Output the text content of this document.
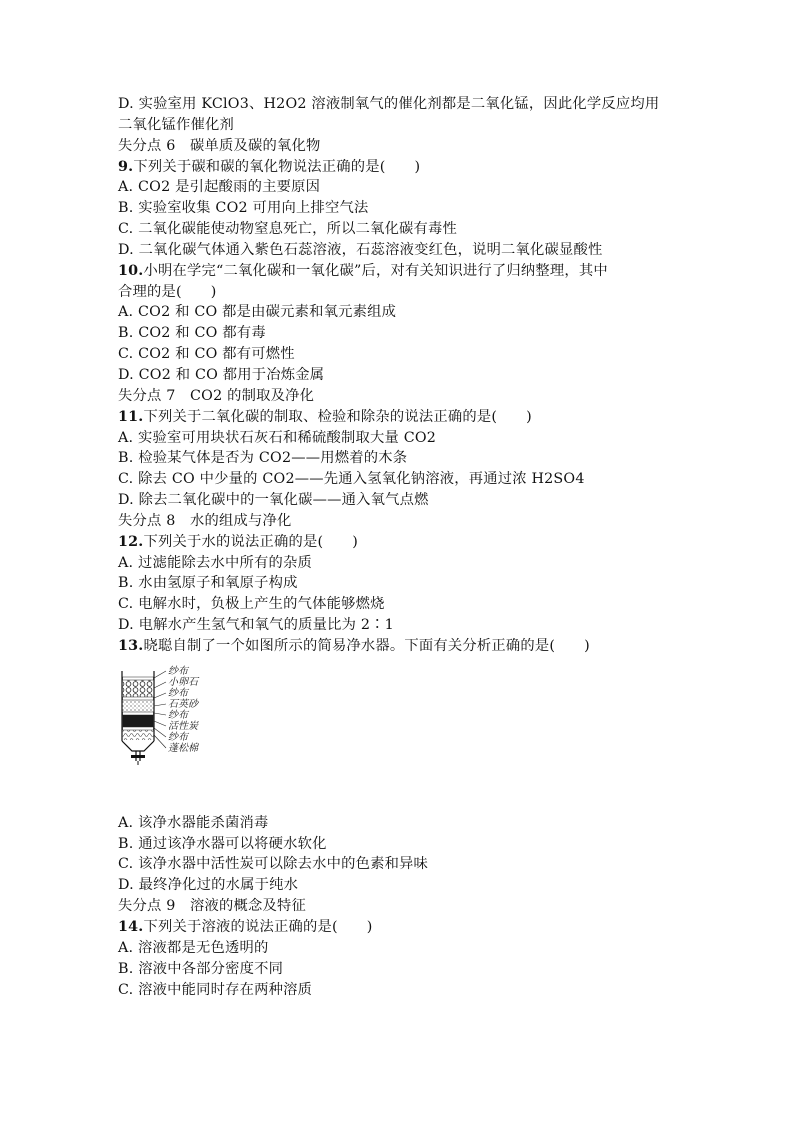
D. 实验室用 KClO3、H2O2 溶液制氧气的催化剂都是二氧化锰，因此化学反应均用
二氧化锰作催化剂
失分点 6　碳单质及碳的氧化物
9.下列关于碳和碳的氧化物说法正确的是(　　)
A. CO2 是引起酸雨的主要原因
B. 实验室收集 CO2 可用向上排空气法
C. 二氧化碳能使动物窒息死亡，所以二氧化碳有毒性
D. 二氧化碳气体通入紫色石蕊溶液，石蕊溶液变红色，说明二氧化碳显酸性
10.小明在学完“二氧化碳和一氧化碳”后，对有关知识进行了归纳整理，其中
合理的是(　　)
A. CO2 和 CO 都是由碳元素和氧元素组成
B. CO2 和 CO 都有毒
C. CO2 和 CO 都有可燃性
D. CO2 和 CO 都用于冶炼金属
失分点 7　CO2 的制取及净化
11.下列关于二氧化碳的制取、检验和除杂的说法正确的是(　　)
A. 实验室可用块状石灰石和稀硫酸制取大量 CO2
B. 检验某气体是否为 CO2——用燃着的木条
C. 除去 CO 中少量的 CO2——先通入氢氧化钠溶液，再通过浓 H2SO4
D. 除去二氧化碳中的一氧化碳——通入氧气点燃
失分点 8　水的组成与净化
12.下列关于水的说法正确的是(　　)
A. 过滤能除去水中所有的杂质
B. 水由氢原子和氧原子构成
C. 电解水时，负极上产生的气体能够燃烧
D. 电解水产生氢气和氧气的质量比为 2∶1
13.晓聪自制了一个如图所示的简易净水器。下面有关分析正确的是(　　)
纱布
小卵石
纱布
石英砂
纱布
活性炭
纱布
蓬松棉
A. 该净水器能杀菌消毒
B. 通过该净水器可以将硬水软化
C. 该净水器中活性炭可以除去水中的色素和异味
D. 最终净化过的水属于纯水
失分点 9　溶液的概念及特征
14.下列关于溶液的说法正确的是(　　)
A. 溶液都是无色透明的
B. 溶液中各部分密度不同
C. 溶液中能同时存在两种溶质
